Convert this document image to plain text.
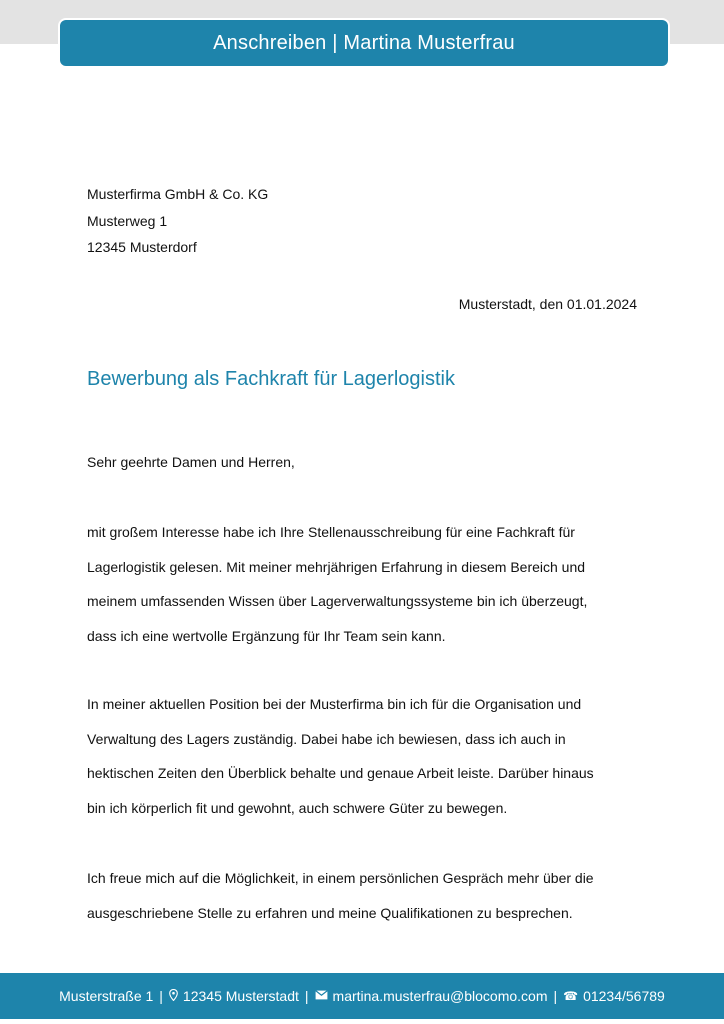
Anschreiben | Martina Musterfrau
Musterfirma GmbH & Co. KG
Musterweg 1
12345 Musterdorf
Musterstadt, den 01.01.2024
Bewerbung als Fachkraft für Lagerlogistik
Sehr geehrte Damen und Herren,
mit großem Interesse habe ich Ihre Stellenausschreibung für eine Fachkraft für
Lagerlogistik gelesen. Mit meiner mehrjährigen Erfahrung in diesem Bereich und
meinem umfassenden Wissen über Lagerverwaltungssysteme bin ich überzeugt,
dass ich eine wertvolle Ergänzung für Ihr Team sein kann.
In meiner aktuellen Position bei der Musterfirma bin ich für die Organisation und
Verwaltung des Lagers zuständig. Dabei habe ich bewiesen, dass ich auch in
hektischen Zeiten den Überblick behalte und genaue Arbeit leiste. Darüber hinaus
bin ich körperlich fit und gewohnt, auch schwere Güter zu bewegen.
Ich freue mich auf die Möglichkeit, in einem persönlichen Gespräch mehr über die
ausgeschriebene Stelle zu erfahren und meine Qualifikationen zu besprechen.
Musterstraße 1 | 12345 Musterstadt | martina.musterfrau@blocomo.com | ☎ 01234/56789
